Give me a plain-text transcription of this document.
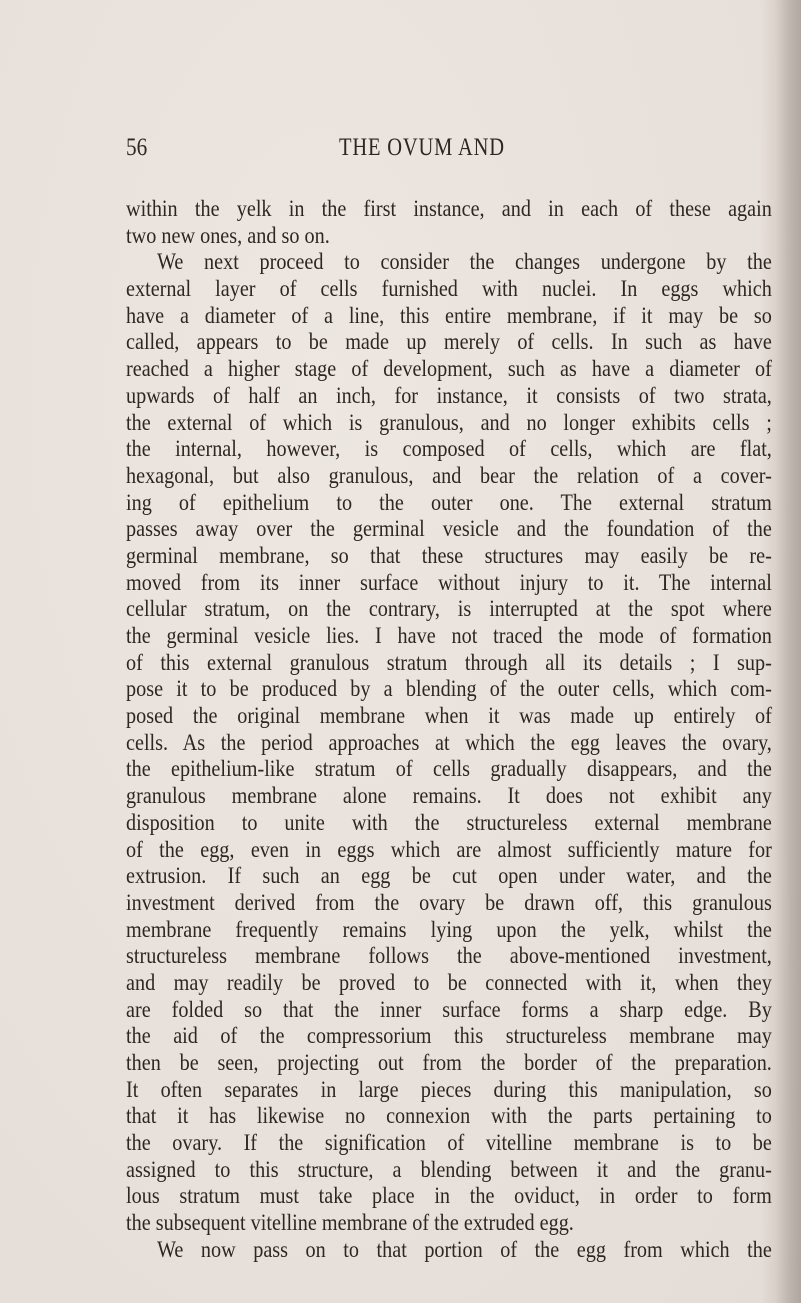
56	THE OVUM AND
within the yelk in the first instance, and in each of these again
two new ones, and so on.
We next proceed to consider the changes undergone by the
external layer of cells furnished with nuclei. In eggs which
have a diameter of a line, this entire membrane, if it may be so
called, appears to be made up merely of cells. In such as have
reached a higher stage of development, such as have a diameter of
upwards of half an inch, for instance, it consists of two strata,
the external of which is granulous, and no longer exhibits cells ;
the internal, however, is composed of cells, which are flat,
hexagonal, but also granulous, and bear the relation of a cover-
ing of epithelium to the outer one. The external stratum
passes away over the germinal vesicle and the foundation of the
germinal membrane, so that these structures may easily be re-
moved from its inner surface without injury to it. The internal
cellular stratum, on the contrary, is interrupted at the spot where
the germinal vesicle lies. I have not traced the mode of formation
of this external granulous stratum through all its details ; I sup-
pose it to be produced by a blending of the outer cells, which com-
posed the original membrane when it was made up entirely of
cells. As the period approaches at which the egg leaves the ovary,
the epithelium-like stratum of cells gradually disappears, and the
granulous membrane alone remains. It does not exhibit any
disposition to unite with the structureless external membrane
of the egg, even in eggs which are almost sufficiently mature for
extrusion. If such an egg be cut open under water, and the
investment derived from the ovary be drawn off, this granulous
membrane frequently remains lying upon the yelk, whilst the
structureless membrane follows the above-mentioned investment,
and may readily be proved to be connected with it, when they
are folded so that the inner surface forms a sharp edge. By
the aid of the compressorium this structureless membrane may
then be seen, projecting out from the border of the preparation.
It often separates in large pieces during this manipulation, so
that it has likewise no connexion with the parts pertaining to
the ovary. If the signification of vitelline membrane is to be
assigned to this structure, a blending between it and the granu-
lous stratum must take place in the oviduct, in order to form
the subsequent vitelline membrane of the extruded egg.
We now pass on to that portion of the egg from which the
